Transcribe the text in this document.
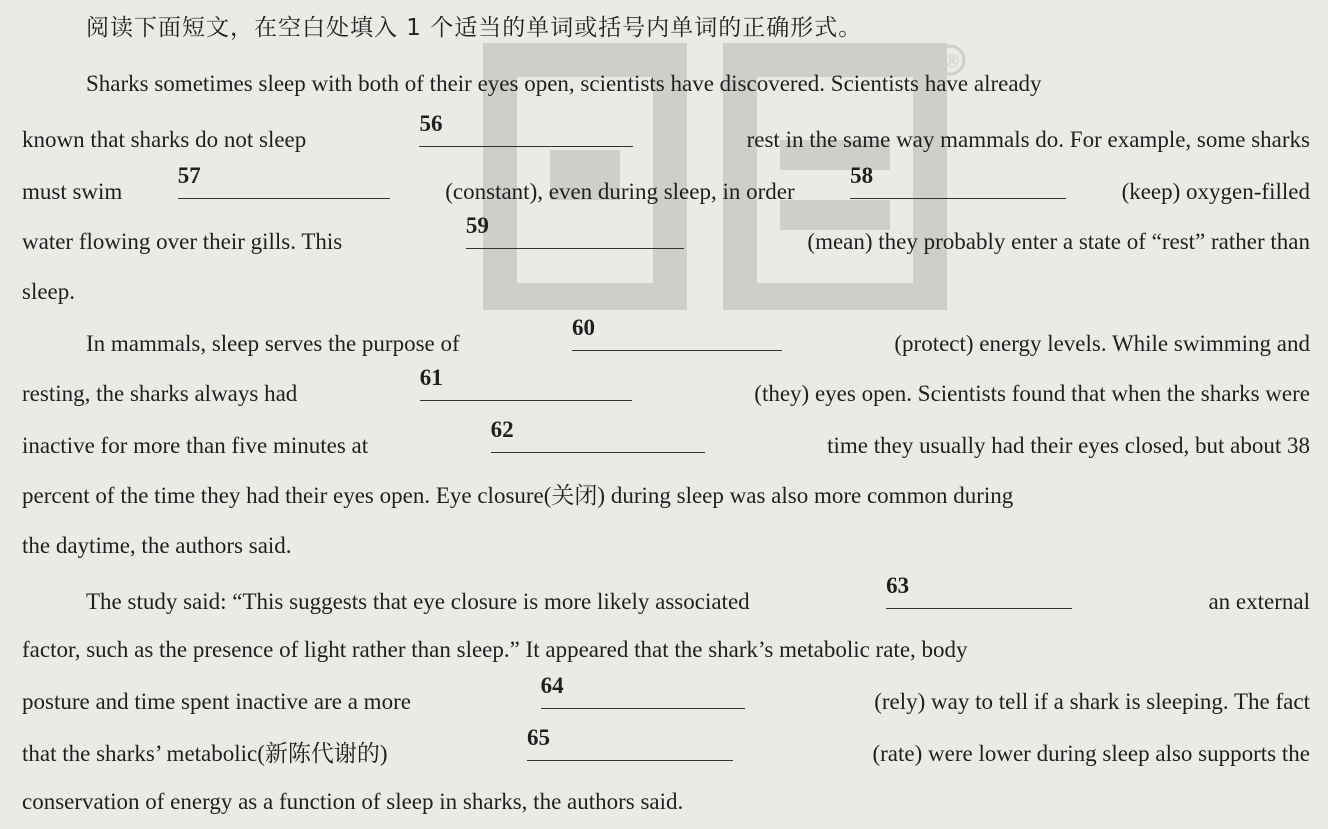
®
阅读下面短文，在空白处填入 1 个适当的单词或括号内单词的正确形式。
Sharks sometimes sleep with both of their eyes open, scientists have discovered. Scientists have already
known that sharks do not sleep
56
rest in the same way mammals do. For example, some sharks
must swim
57
(constant), even during sleep, in order
58
(keep) oxygen-filled
water flowing over their gills. This
59
(mean) they probably enter a state of “rest” rather than
sleep.
In mammals, sleep serves the purpose of
60
(protect) energy levels. While swimming and
resting, the sharks always had
61
(they) eyes open. Scientists found that when the sharks were
inactive for more than five minutes at
62
time they usually had their eyes closed, but about 38
percent of the time they had their eyes open. Eye closure(关闭) during sleep was also more common during
the daytime, the authors said.
The study said: “This suggests that eye closure is more likely associated
63
an external
factor, such as the presence of light rather than sleep.” It appeared that the shark’s metabolic rate, body
posture and time spent inactive are a more
64
(rely) way to tell if a shark is sleeping. The fact
that the sharks’ metabolic(新陈代谢的)
65
(rate) were lower during sleep also supports the
conservation of energy as a function of sleep in sharks, the authors said.
